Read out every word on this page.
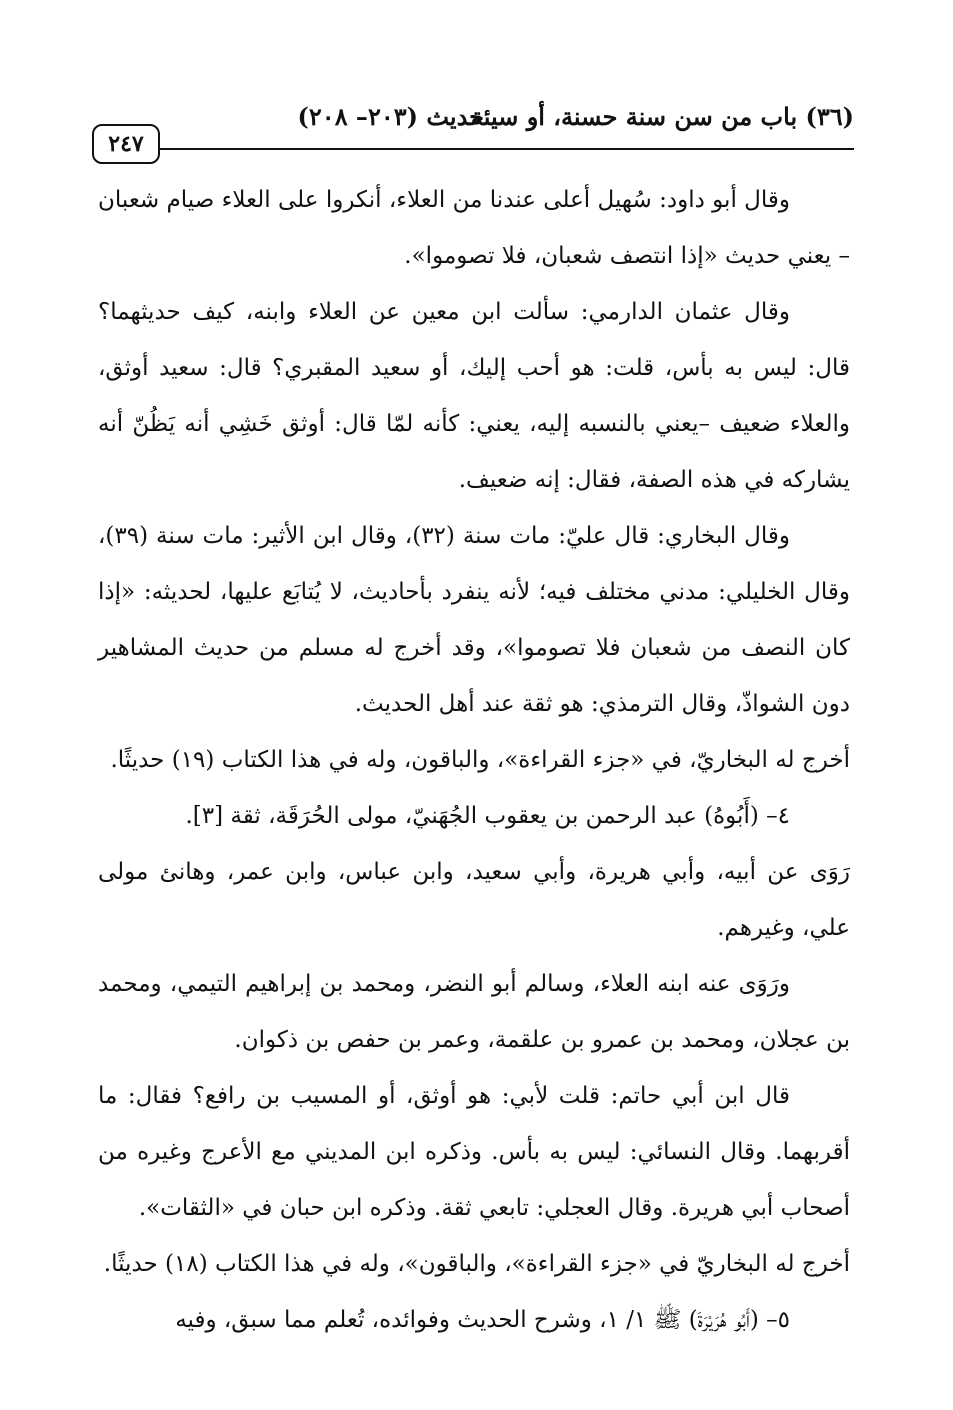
(٣٦) باب من سن سنة حسنة، أو سيئة
حديث (٢٠٣– ٢٠٨)
٢٤٧

وقال أبو داود: سُهيل أعلى عندنا من العلاء، أنكروا على العلاء صيام شعبان – يعني حديث «إذا انتصف شعبان، فلا تصوموا».

وقال عثمان الدارمي: سألت ابن معين عن العلاء وابنه، كيف حديثهما؟ قال: ليس به بأس، قلت: هو أحب إليك، أو سعيد المقبري؟ قال: سعيد أوثق، والعلاء ضعيف –يعني بالنسبه إليه، يعني: كأنه لمّا قال: أوثق خَشِي أنه يَظُنّ أنه يشاركه في هذه الصفة، فقال: إنه ضعيف.

وقال البخاري: قال عليّ: مات سنة (٣٢)، وقال ابن الأثير: مات سنة (٣٩)، وقال الخليلي: مدني مختلف فيه؛ لأنه ينفرد بأحاديث، لا يُتابَع عليها، لحديثه: «إذا كان النصف من شعبان فلا تصوموا»، وقد أخرج له مسلم من حديث المشاهير دون الشواذّ، وقال الترمذي: هو ثقة عند أهل الحديث.

أخرج له البخاريّ، في «جزء القراءة»، والباقون، وله في هذا الكتاب (١٩) حديثًا.

٤– (أَبُوهُ) عبد الرحمن بن يعقوب الجُهَنيّ، مولى الحُرَقَة، ثقة [٣].

رَوَى عن أبيه، وأبي هريرة، وأبي سعيد، وابن عباس، وابن عمر، وهانئ مولى علي، وغيرهم.

ورَوَى عنه ابنه العلاء، وسالم أبو النضر، ومحمد بن إبراهيم التيمي، ومحمد بن عجلان، ومحمد بن عمرو بن علقمة، وعمر بن حفص بن ذكوان.

قال ابن أبي حاتم: قلت لأبي: هو أوثق، أو المسيب بن رافع؟ فقال: ما أقربهما. وقال النسائي: ليس به بأس. وذكره ابن المديني مع الأعرج وغيره من أصحاب أبي هريرة. وقال العجلي: تابعي ثقة. وذكره ابن حبان في «الثقات».

أخرج له البخاريّ في «جزء القراءة»، والباقون»، وله في هذا الكتاب (١٨) حديثًا.

٥– (أَبُو هُرَيْرَةَ) ﷺ ١/ ١، وشرح الحديث وفوائده، تُعلم مما سبق، وفيه
